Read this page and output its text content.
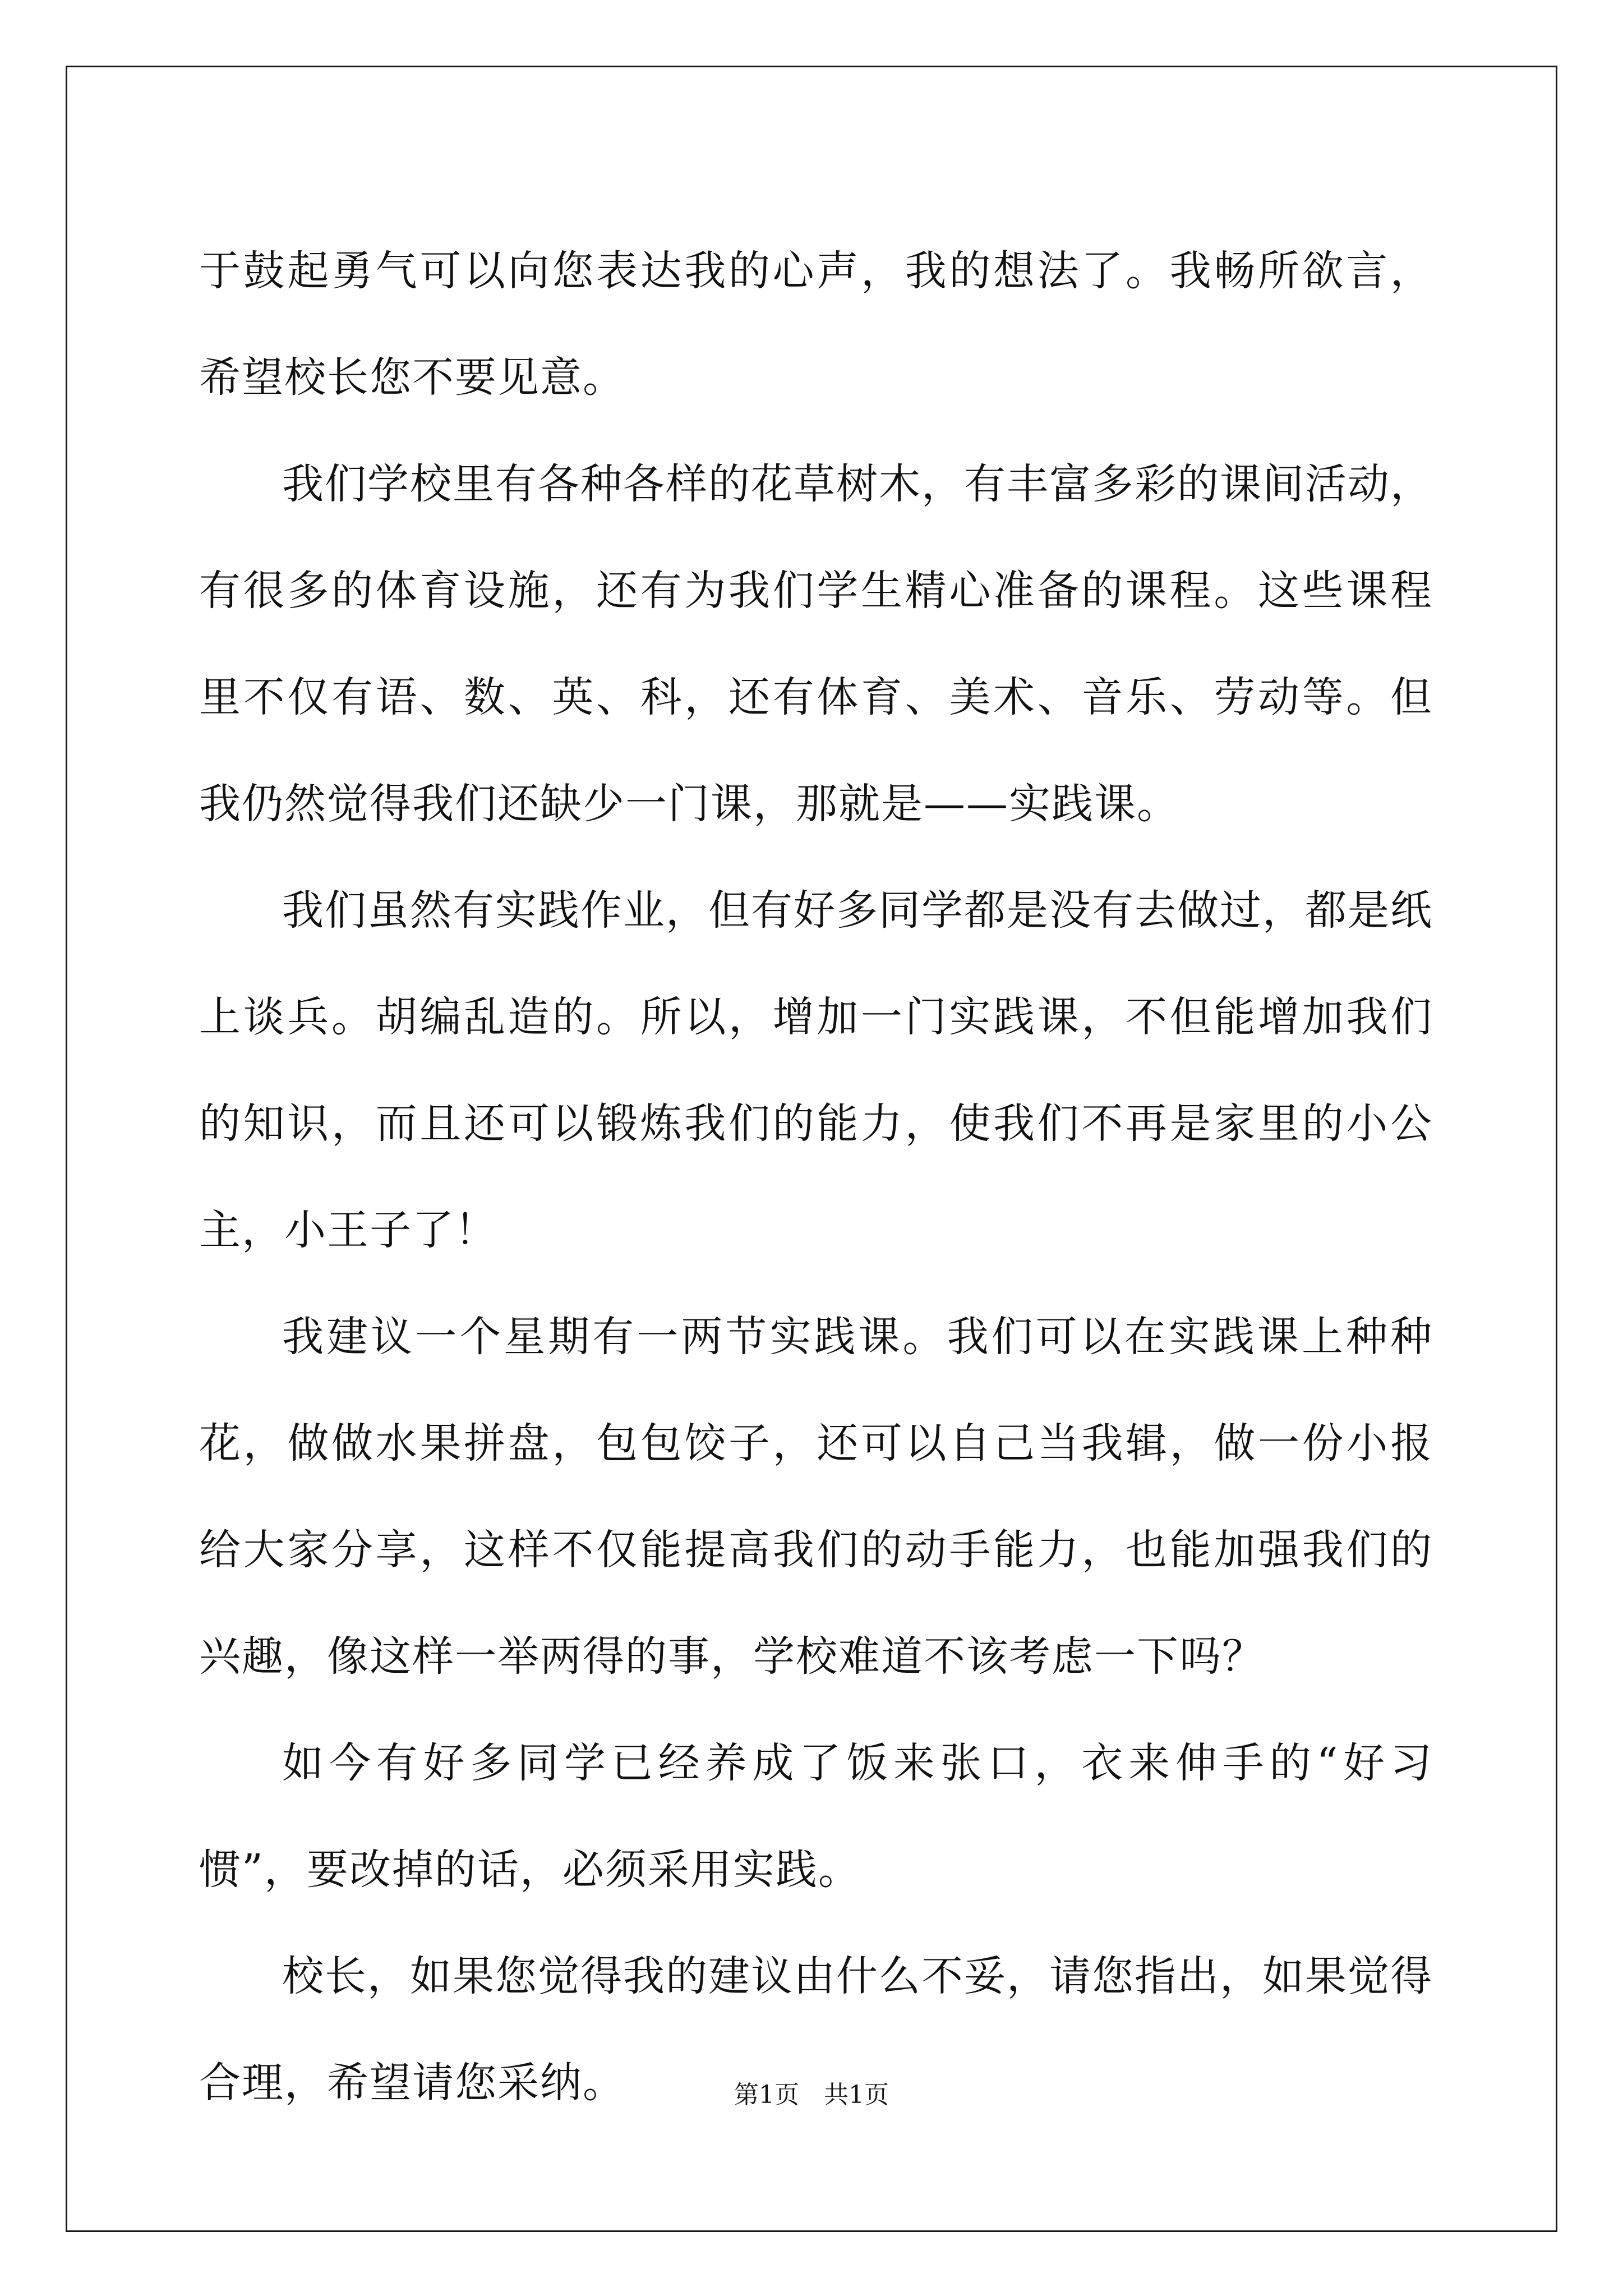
于鼓起勇气可以向您表达我的心声，我的想法了。我畅所欲言，希望校长您不要见意。

我们学校里有各种各样的花草树木，有丰富多彩的课间活动，有很多的体育设施，还有为我们学生精心准备的课程。这些课程里不仅有语、数、英、科，还有体育、美术、音乐、劳动等。但我仍然觉得我们还缺少一门课，那就是——实践课。

我们虽然有实践作业，但有好多同学都是没有去做过，都是纸上谈兵。胡编乱造的。所以，增加一门实践课，不但能增加我们的知识，而且还可以锻炼我们的能力，使我们不再是家里的小公主，小王子了！

我建议一个星期有一两节实践课。我们可以在实践课上种种花，做做水果拼盘，包包饺子，还可以自己当我辑，做一份小报给大家分享，这样不仅能提高我们的动手能力，也能加强我们的兴趣，像这样一举两得的事，学校难道不该考虑一下吗？

如今有好多同学已经养成了饭来张口，衣来伸手的“好习惯”，要改掉的话，必须采用实践。

校长，如果您觉得我的建议由什么不妥，请您指出，如果觉得合理，希望请您采纳。	第1页 共1页
